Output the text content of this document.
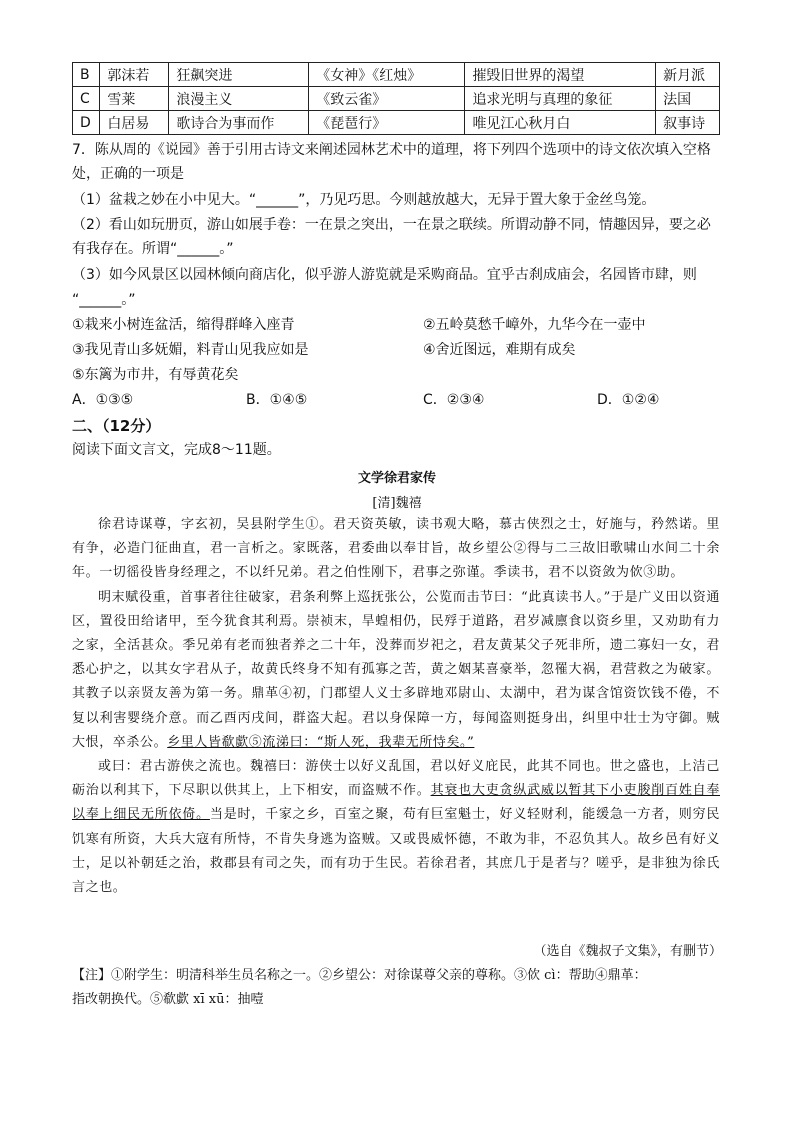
B	郭沫若	狂飙突进	《女神》《红烛》	摧毁旧世界的渴望	新月派
C	雪莱	浪漫主义	《致云雀》	追求光明与真理的象征	法国
D	白居易	歌诗合为事而作	《琵琶行》	唯见江心秋月白	叙事诗
7．陈从周的《说园》善于引用古诗文来阐述园林艺术中的道理，将下列四个选项中的诗文依次填入空格
处，正确的一项是
（1）盆栽之妙在小中见大。“______”，乃见巧思。今则越放越大，无异于置大象于金丝鸟笼。
（2）看山如玩册页，游山如展手卷：一在景之突出，一在景之联续。所谓动静不同，情趣因异，要之必
有我存在。所谓“______。”
（3）如今风景区以园林倾向商店化，似乎游人游览就是采购商品。宜乎古刹成庙会，名园皆市肆，则
“______。”
①栽来小树连盆活，缩得群峰入座青	②五岭莫愁千嶂外，九华今在一壶中
③我见青山多妩媚，料青山见我应如是	④舍近图远，难期有成矣
⑤东篱为市井，有辱黄花矣
A．①③⑤	B．①④⑤	C．②③④	D．①②④
二、（12分）
阅读下面文言文，完成8～11题。
文学徐君家传
[清]魏禧

徐君诗谋尊，字玄初，吴县附学生①。君天资英敏，读书观大略，慕古侠烈之士，好施与，矜然诺。里有争，必造门征曲直，君一言析之。家既落，君委曲以奉甘旨，故乡望公②得与二三故旧歌啸山水间二十余年。一切徭役皆身经理之，不以纤兄弟。君之伯性刚下，君事之弥谨。季读书，君不以资敛为佽③助。

明末赋役重，首事者往往破家，君条利弊上巡抚张公，公览而击节曰：“此真读书人。”于是广义田以资通区，置役田给诸甲，至今犹食其利焉。崇祯末，旱蝗相仍，民殍于道路，君岁减廪食以资乡里，又劝助有力之家，全活甚众。季兄弟有老而独者养之二十年，没葬而岁祀之，君友黄某父子死非所，遗二寡妇一女，君悉心护之，以其女字君从子，故黄氏终身不知有孤寡之苦，黄之姻某喜豪举，忽罹大祸，君营救之为破家。其教子以亲贤友善为第一务。鼎革④初，门郡望人义士多辟地邓尉山、太湖中，君为谋含馆资饮钱不倦，不复以利害婴绕介意。而乙酉丙戌间，群盗大起。君以身保障一方，每闻盗则挺身出，纠里中壮士为守御。贼大恨，卒杀公。乡里人皆欷歔⑤流涕曰：“斯人死，我辈无所恃矣。”

或曰：君古游侠之流也。魏禧曰：游侠士以好义乱国，君以好义庇民，此其不同也。世之盛也，上洁己砺治以利其下，下尽职以供其上，上下相安，而盗贼不作。其衰也大吏贪纵武威以暂其下小吏朘削百姓自奉以奉上细民无所依倚。当是时，千家之乡，百室之聚，苟有巨室魁士，好义轻财利，能缓急一方者，则穷民饥寒有所资，大兵大寇有所恃，不肯失身逃为盗贼。又或畏威怀德，不敢为非，不忍负其人。故乡邑有好义士，足以补朝廷之治，救郡县有司之失，而有功于生民。若徐君者，其庶几于是者与？嗟乎，是非独为徐氏言之也。

（选自《魏叔子文集》，有删节）
【注】①附学生：明清科举生员名称之一。②乡望公：对徐谋尊父亲的尊称。③佽 cì：帮助④鼎革：
指改朝换代。⑤欷歔 xī xū：抽噎
